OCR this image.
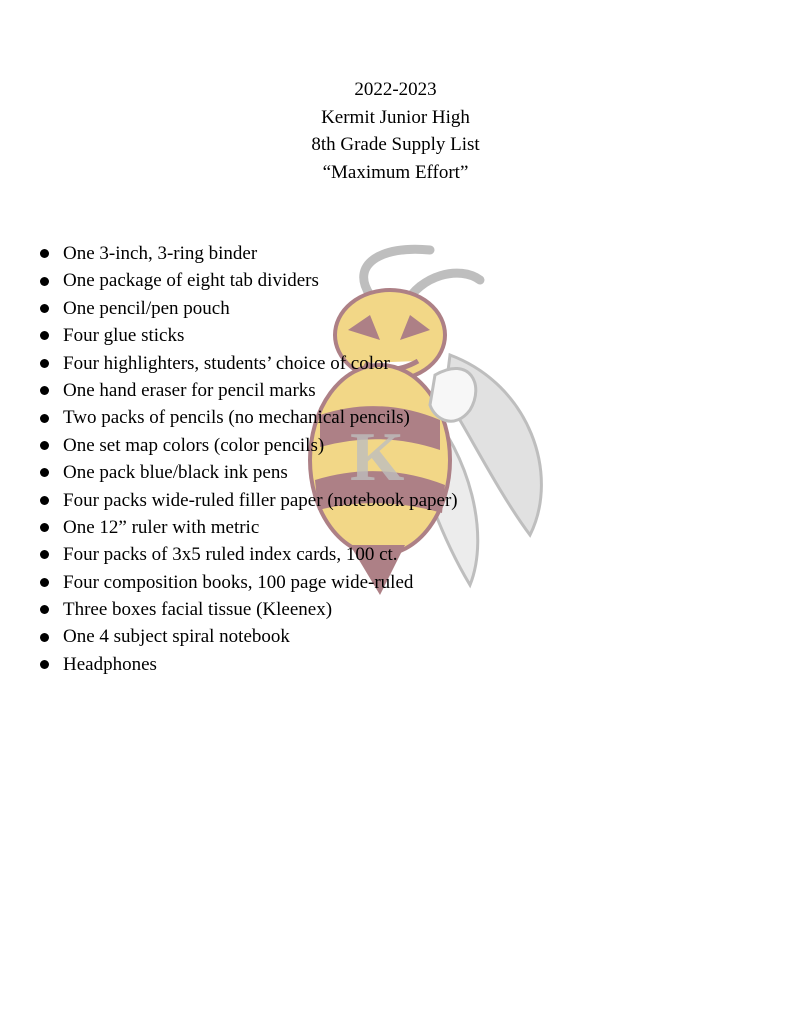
K
2022-2023
Kermit Junior High
8th Grade Supply List
“Maximum Effort”
One 3-inch, 3-ring binder
One package of eight tab dividers
One pencil/pen pouch
Four glue sticks
Four highlighters, students’ choice of color
One hand eraser for pencil marks
Two packs of pencils (no mechanical pencils)
One set map colors (color pencils)
One pack blue/black ink pens
Four packs wide-ruled filler paper (notebook paper)
One 12” ruler with metric
Four packs of 3x5 ruled index cards, 100 ct.
Four composition books, 100 page wide-ruled
Three boxes facial tissue (Kleenex)
One 4 subject spiral notebook
Headphones
